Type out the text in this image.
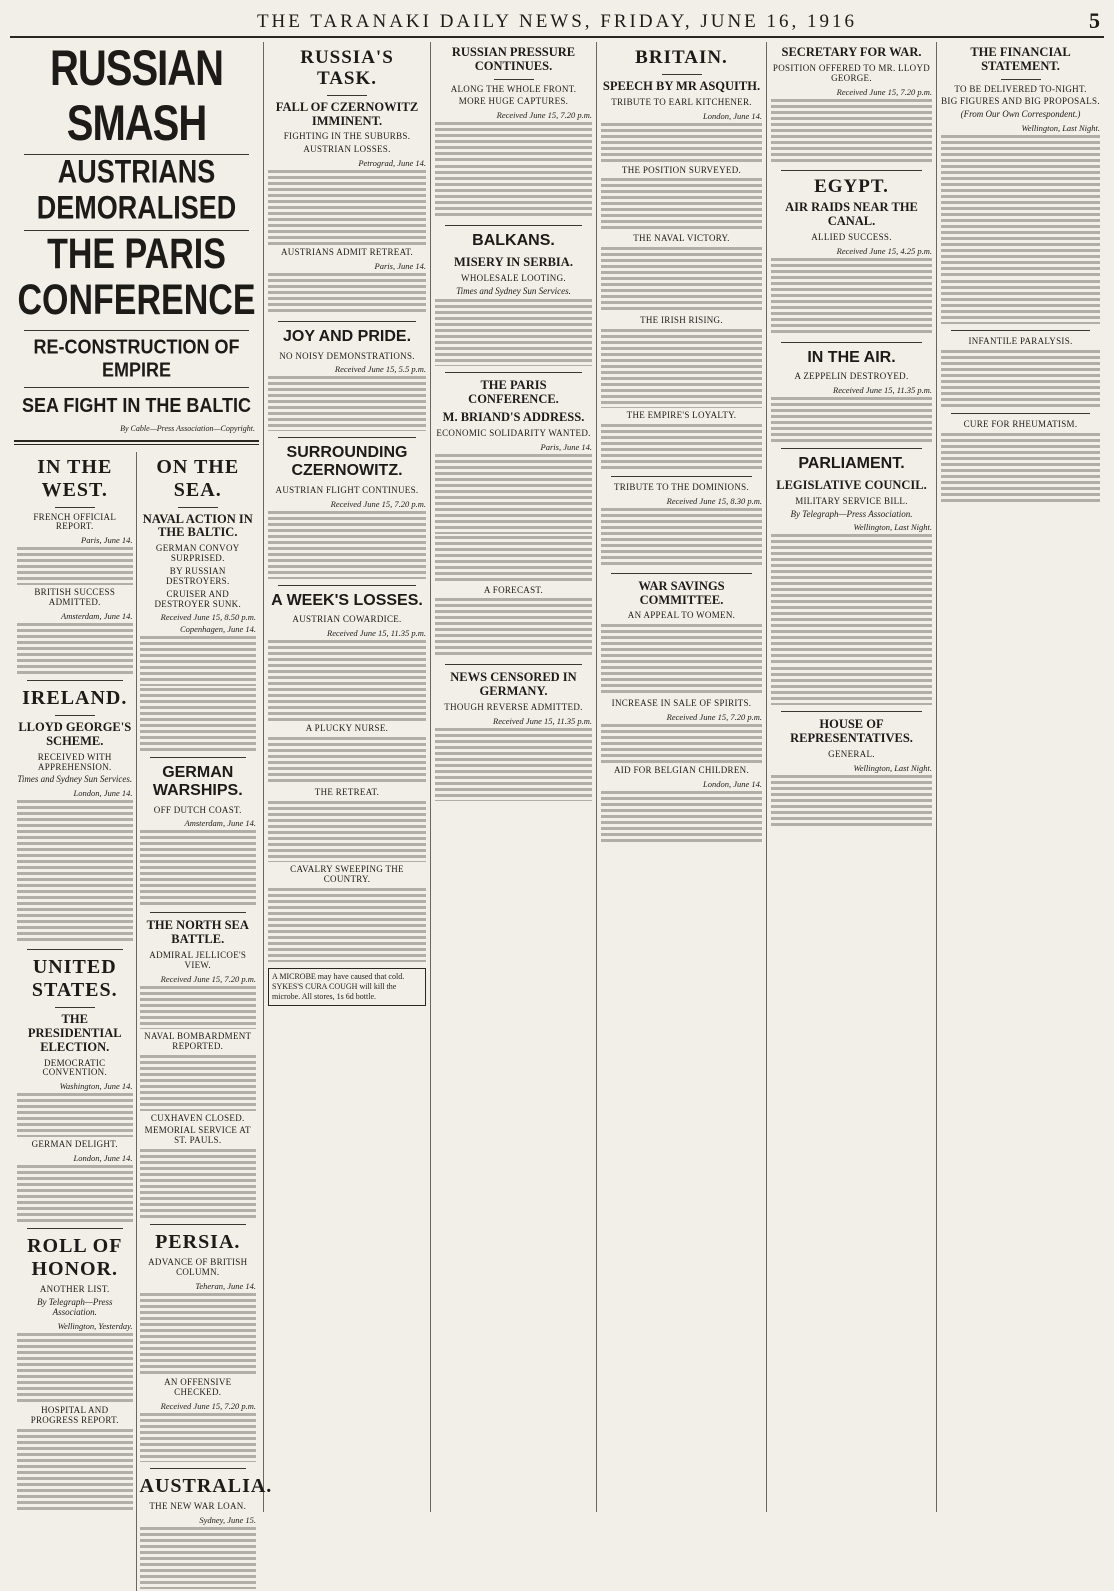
THE TARANAKI DAILY NEWS, FRIDAY, JUNE 16, 1916	5
RUSSIAN SMASH
AUSTRIANS DEMORALISED
THE PARIS CONFERENCE
RE-CONSTRUCTION OF EMPIRE
SEA FIGHT IN THE BALTIC
By Cable—Press Association—Copyright.
IN THE WEST.
FRENCH OFFICIAL REPORT.
Paris, June 14.

BRITISH SUCCESS ADMITTED.
Amsterdam, June 14.

IRELAND.
LLOYD GEORGE'S SCHEME.
RECEIVED WITH APPREHENSION.
Times and Sydney Sun Services.
London, June 14.

UNITED STATES.
THE PRESIDENTIAL ELECTION.
DEMOCRATIC CONVENTION.
Washington, June 14.

GERMAN DELIGHT.
London, June 14.

ROLL OF HONOR.
ANOTHER LIST.
By Telegraph—Press Association.
Wellington, Yesterday.

HOSPITAL AND PROGRESS REPORT.

ON THE SEA.
NAVAL ACTION IN THE BALTIC.
GERMAN CONVOY SURPRISED.
BY RUSSIAN DESTROYERS.
CRUISER AND DESTROYER SUNK.
Received June 15, 8.50 p.m.
Copenhagen, June 14.

GERMAN WARSHIPS.
OFF DUTCH COAST.
Amsterdam, June 14.

THE NORTH SEA BATTLE.
ADMIRAL JELLICOE'S VIEW.
Received June 15, 7.20 p.m.

NAVAL BOMBARDMENT REPORTED.

CUXHAVEN CLOSED.
MEMORIAL SERVICE AT ST. PAULS.

PERSIA.
ADVANCE OF BRITISH COLUMN.
Teheran, June 14.

AN OFFENSIVE CHECKED.
Received June 15, 7.20 p.m.

AUSTRALIA.
THE NEW WAR LOAN.
Sydney, June 15.

RUSSIA'S TASK.
FALL OF CZERNOWITZ IMMINENT.
FIGHTING IN THE SUBURBS.
AUSTRIAN LOSSES.
Petrograd, June 14.

AUSTRIANS ADMIT RETREAT.
Paris, June 14.

JOY AND PRIDE.
NO NOISY DEMONSTRATIONS.
Received June 15, 5.5 p.m.

SURROUNDING CZERNOWITZ.
AUSTRIAN FLIGHT CONTINUES.
Received June 15, 7.20 p.m.

A WEEK'S LOSSES.
AUSTRIAN COWARDICE.
Received June 15, 11.35 p.m.

A PLUCKY NURSE.

THE RETREAT.

CAVALRY SWEEPING THE COUNTRY.

A MICROBE may have caused that cold. SYKES'S CURA COUGH will kill the microbe. All stores, 1s 6d bottle.
RUSSIAN PRESSURE CONTINUES.
ALONG THE WHOLE FRONT.
MORE HUGE CAPTURES.
Received June 15, 7.20 p.m.

BALKANS.
MISERY IN SERBIA.
WHOLESALE LOOTING.
Times and Sydney Sun Services.

THE PARIS CONFERENCE.
M. BRIAND'S ADDRESS.
ECONOMIC SOLIDARITY WANTED.
Paris, June 14.

A FORECAST.

NEWS CENSORED IN GERMANY.
THOUGH REVERSE ADMITTED.
Received June 15, 11.35 p.m.

BRITAIN.
SPEECH BY MR ASQUITH.
TRIBUTE TO EARL KITCHENER.
London, June 14.

THE POSITION SURVEYED.

THE NAVAL VICTORY.

THE IRISH RISING.

THE EMPIRE'S LOYALTY.

TRIBUTE TO THE DOMINIONS.
Received June 15, 8.30 p.m.

WAR SAVINGS COMMITTEE.
AN APPEAL TO WOMEN.

INCREASE IN SALE OF SPIRITS.
Received June 15, 7.20 p.m.

AID FOR BELGIAN CHILDREN.
London, June 14.

SECRETARY FOR WAR.
POSITION OFFERED TO MR. LLOYD GEORGE.
Received June 15, 7.20 p.m.

EGYPT.
AIR RAIDS NEAR THE CANAL.
ALLIED SUCCESS.
Received June 15, 4.25 p.m.

IN THE AIR.
A ZEPPELIN DESTROYED.
Received June 15, 11.35 p.m.

PARLIAMENT.
LEGISLATIVE COUNCIL.
MILITARY SERVICE BILL.
By Telegraph—Press Association.
Wellington, Last Night.

HOUSE OF REPRESENTATIVES.
GENERAL.
Wellington, Last Night.

THE FINANCIAL STATEMENT.
TO BE DELIVERED TO-NIGHT.
BIG FIGURES AND BIG PROPOSALS.
(From Our Own Correspondent.)
Wellington, Last Night.

INFANTILE PARALYSIS.

CURE FOR RHEUMATISM.
